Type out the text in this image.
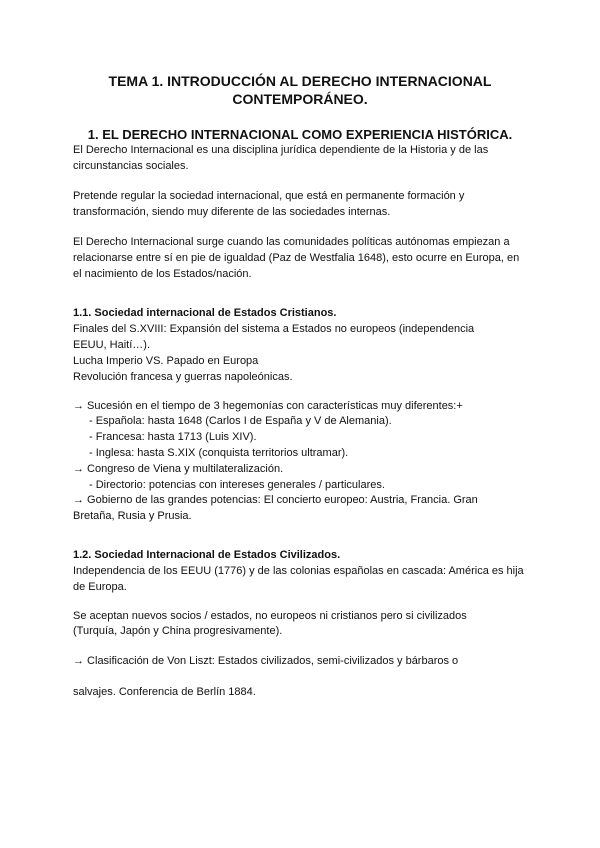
TEMA 1. INTRODUCCIÓN AL DERECHO INTERNACIONAL
CONTEMPORÁNEO.
1. EL DERECHO INTERNACIONAL COMO EXPERIENCIA HISTÓRICA.
El Derecho Internacional es una disciplina jurídica dependiente de la Historia y de las
circunstancias sociales.
Pretende regular la sociedad internacional, que está en permanente formación y
transformación, siendo muy diferente de las sociedades internas.
El Derecho Internacional surge cuando las comunidades políticas autónomas empiezan a
relacionarse entre sí en pie de igualdad (Paz de Westfalia 1648), esto ocurre en Europa, en
el nacimiento de los Estados/nación.
1.1. Sociedad internacional de Estados Cristianos.
Finales del S.XVIII: Expansión del sistema a Estados no europeos (independencia
EEUU, Haití…).
Lucha Imperio VS. Papado en Europa
Revolución francesa y guerras napoleónicas.
→ Sucesión en el tiempo de 3 hegemonías con características muy diferentes:+
- Española: hasta 1648 (Carlos I de España y V de Alemania).
- Francesa: hasta 1713 (Luis XIV).
- Inglesa: hasta S.XIX (conquista territorios ultramar).
→ Congreso de Viena y multilateralización.
- Directorio: potencias con intereses generales / particulares.
→ Gobierno de las grandes potencias: El concierto europeo: Austria, Francia. Gran
Bretaña, Rusia y Prusia.
1.2. Sociedad Internacional de Estados Civilizados.
Independencia de los EEUU (1776) y de las colonias españolas en cascada: América es hija
de Europa.
Se aceptan nuevos socios / estados, no europeos ni cristianos pero si civilizados
(Turquía, Japón y China progresivamente).
→ Clasificación de Von Liszt: Estados civilizados, semi-civilizados y bárbaros o
salvajes. Conferencia de Berlín 1884.
